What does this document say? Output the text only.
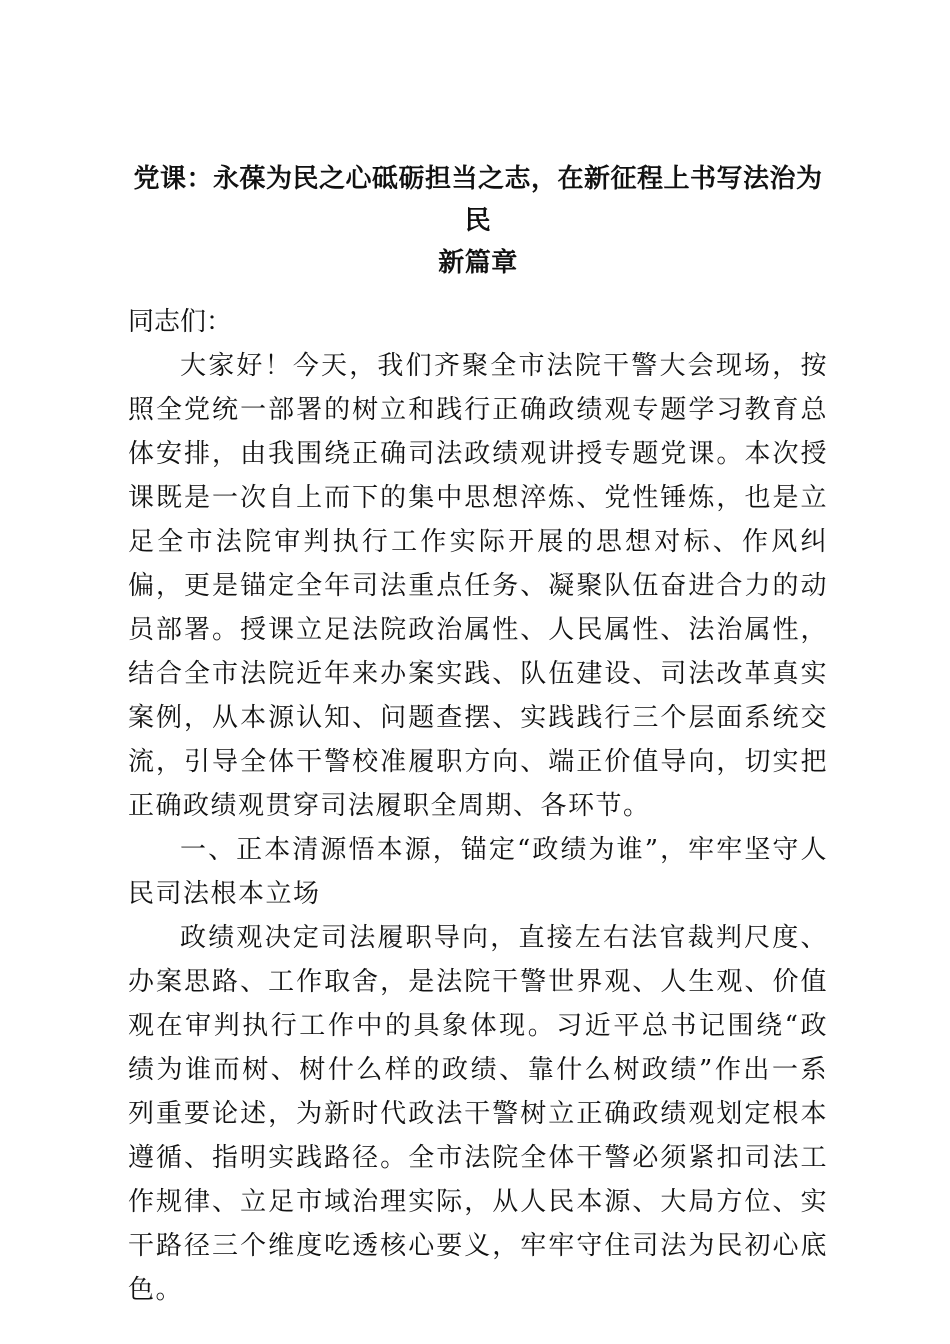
党课：永葆为民之心砥砺担当之志，在新征程上书写法治为民
新篇章

同志们：

大家好！今天，我们齐聚全市法院干警大会现场，按照全党统一部署的树立和践行正确政绩观专题学习教育总体安排，由我围绕正确司法政绩观讲授专题党课。本次授课既是一次自上而下的集中思想淬炼、党性锤炼，也是立足全市法院审判执行工作实际开展的思想对标、作风纠偏，更是锚定全年司法重点任务、凝聚队伍奋进合力的动员部署。授课立足法院政治属性、人民属性、法治属性，结合全市法院近年来办案实践、队伍建设、司法改革真实案例，从本源认知、问题查摆、实践践行三个层面系统交流，引导全体干警校准履职方向、端正价值导向，切实把正确政绩观贯穿司法履职全周期、各环节。

一、正本清源悟本源，锚定“政绩为谁”，牢牢坚守人民司法根本立场

政绩观决定司法履职导向，直接左右法官裁判尺度、办案思路、工作取舍，是法院干警世界观、人生观、价值观在审判执行工作中的具象体现。习近平总书记围绕“政绩为谁而树、树什么样的政绩、靠什么树政绩”作出一系列重要论述，为新时代政法干警树立正确政绩观划定根本遵循、指明实践路径。全市法院全体干警必须紧扣司法工作规律、立足市域治理实际，从人民本源、大局方位、实干路径三个维度吃透核心要义，牢牢守住司法为民初心底色。
